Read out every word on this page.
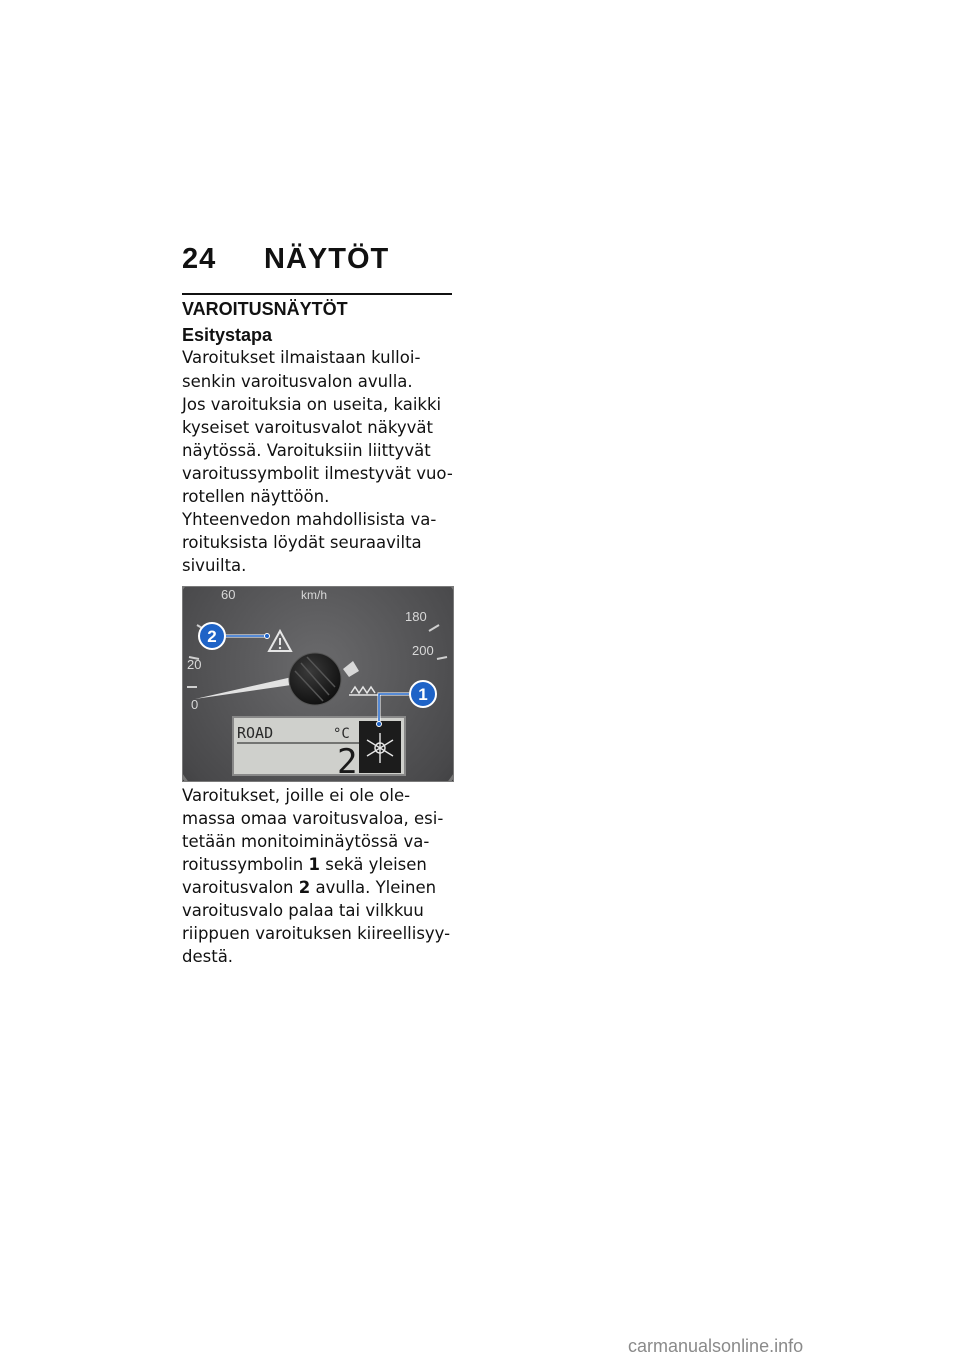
24 NÄYTÖT
VAROITUSNÄYTÖT
Esitystapa
Varoitukset ilmaistaan kulloi-
senkin varoitusvalon avulla.
Jos varoituksia on useita, kaikki
kyseiset varoitusvalot näkyvät
näytössä. Varoituksiin liittyvät
varoitussymbolit ilmestyvät vuo-
rotellen näyttöön.
Yhteenvedon mahdollisista va-
roituksista löydät seuraavilta
sivuilta.
60	km/h
180
20
200
0
ROAD	°C
2
2
1
Varoitukset, joille ei ole ole-
massa omaa varoitusvaloa, esi-
tetään monitoiminäytössä va-
roitussymbolin 1 sekä yleisen
varoitusvalon 2 avulla. Yleinen
varoitusvalo palaa tai vilkkuu
riippuen varoituksen kiireellisyy-
destä.
carmanualsonline.info
